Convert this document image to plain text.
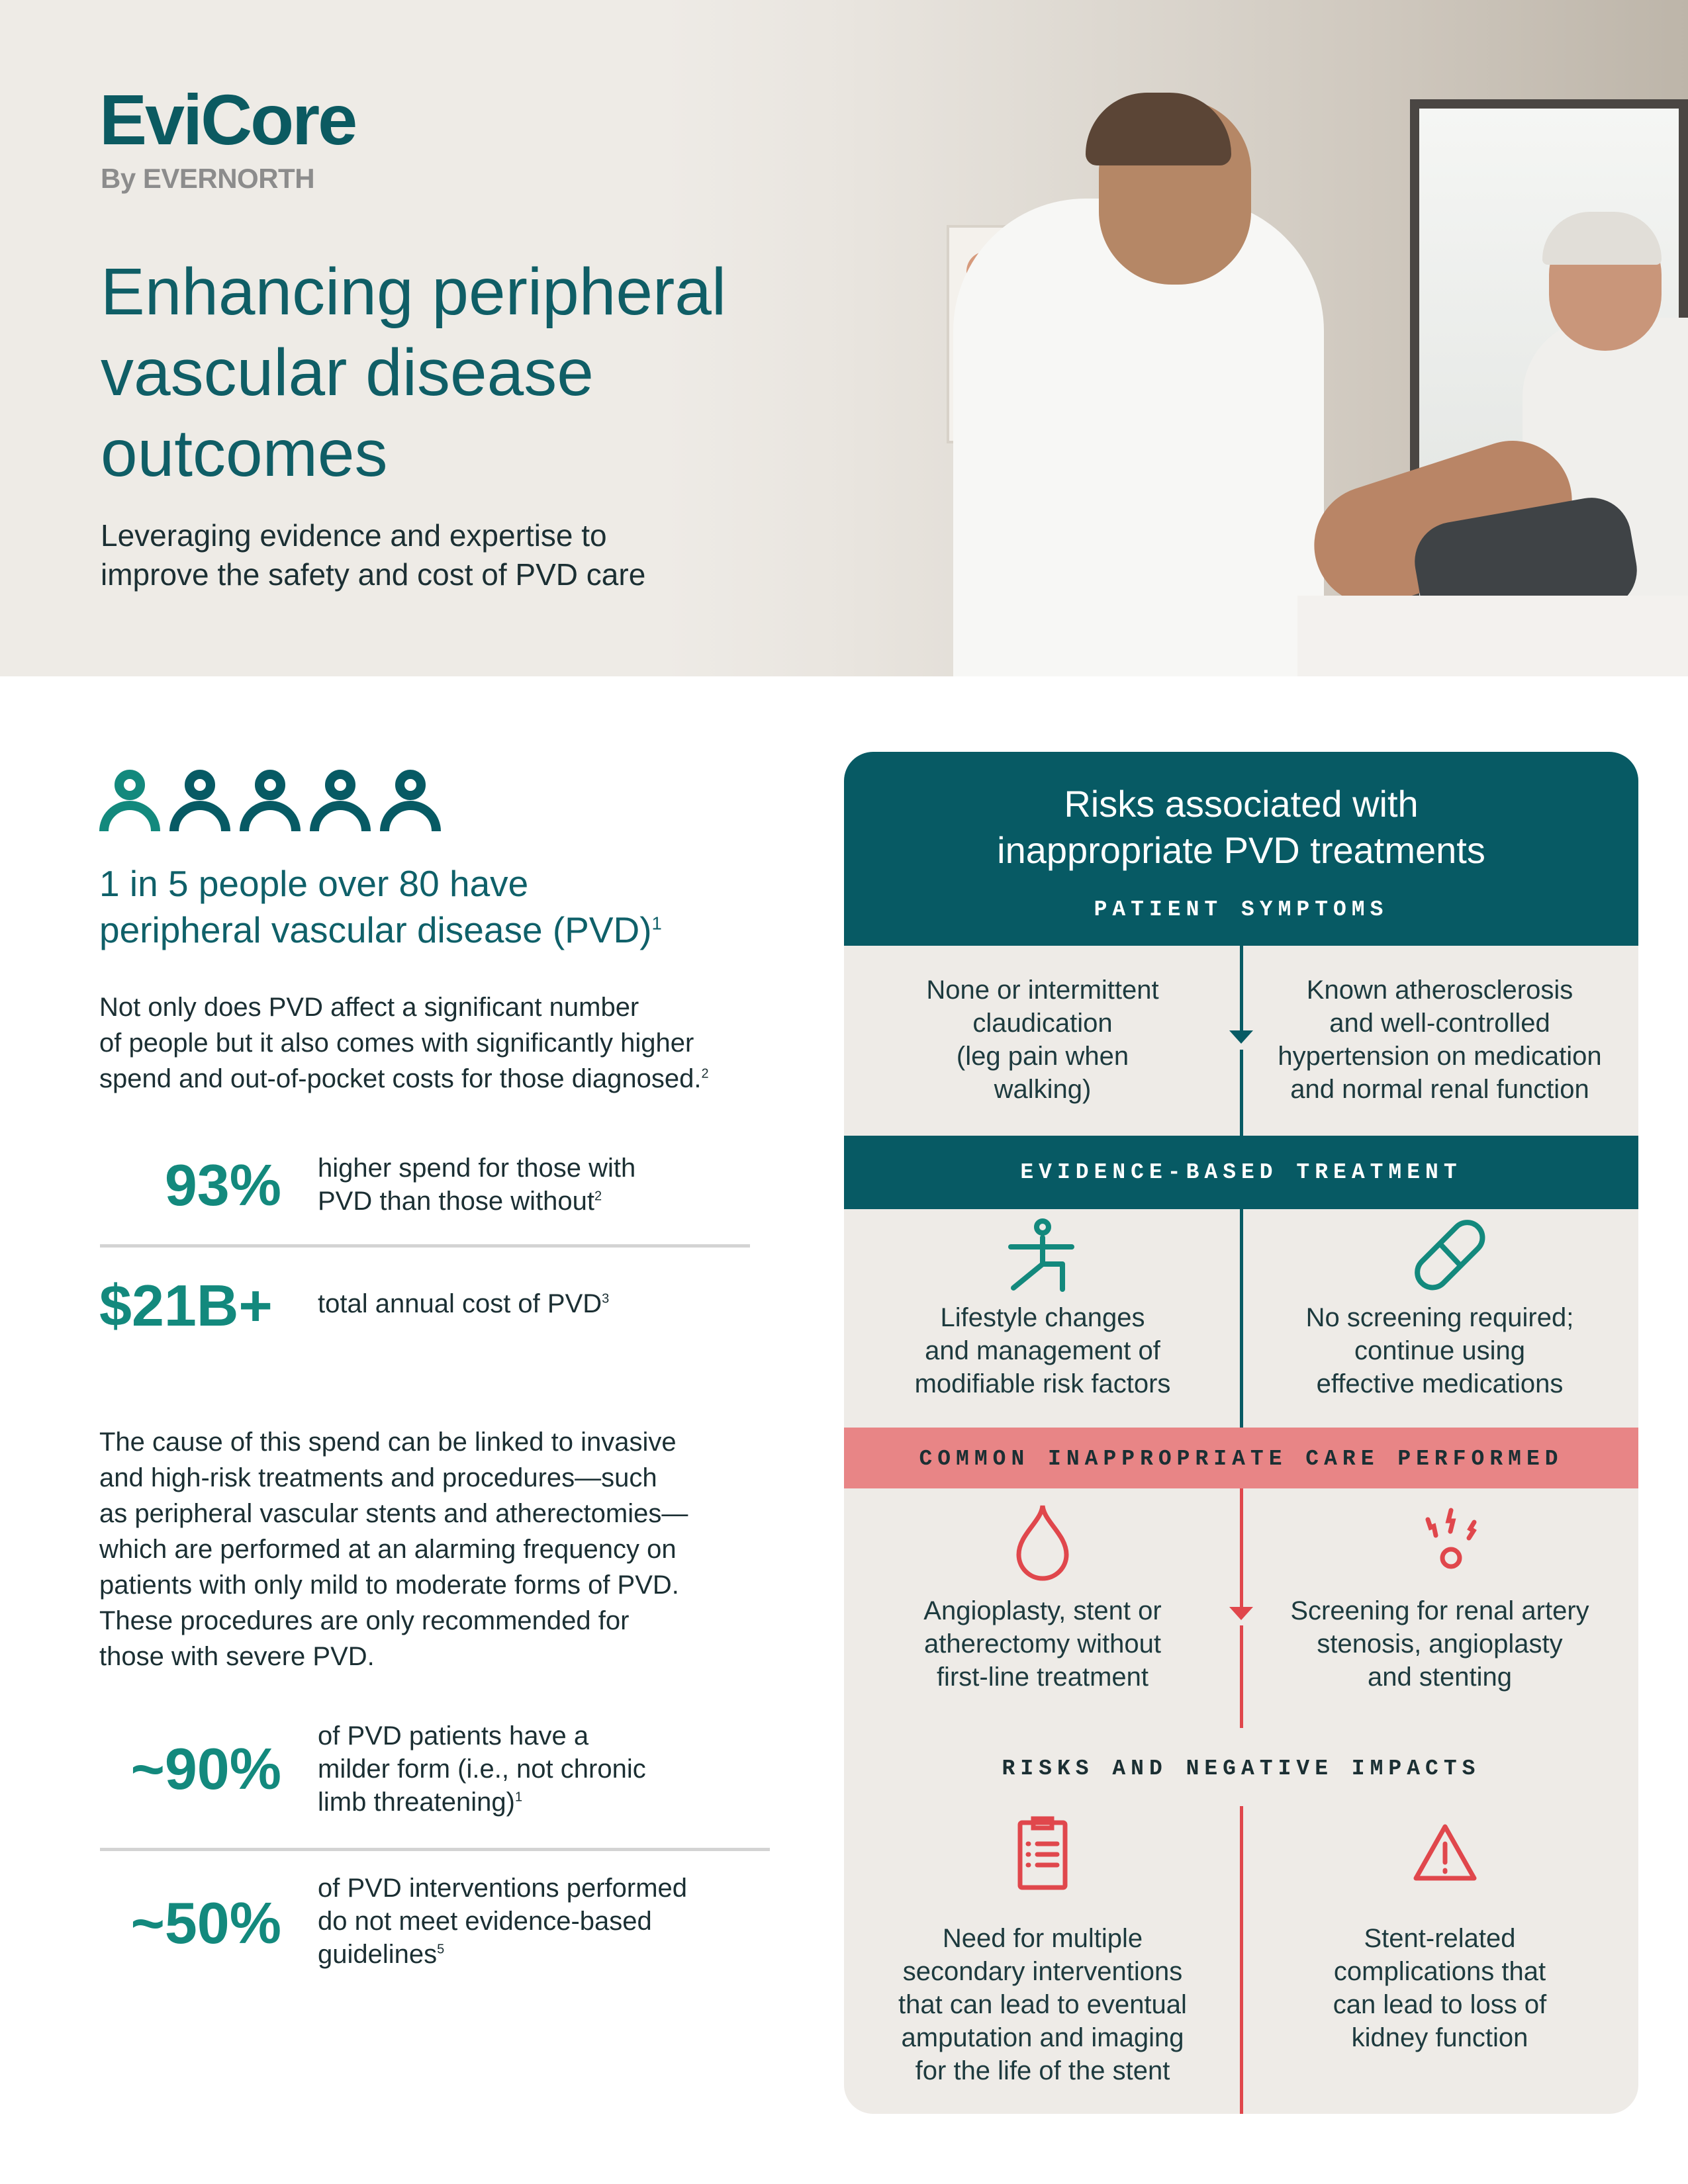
EviCore
By EVERNORTH
Enhancing peripheral
vascular disease
outcomes
Leveraging evidence and expertise to
improve the safety and cost of PVD care
1 in 5 people over 80 have
peripheral vascular disease (PVD)$^1$
Not only does PVD affect a significant number
of people but it also comes with significantly higher
spend and out-of-pocket costs for those diagnosed.$^2$
93% higher spend for those with
PVD than those without$^2$
$21B+	total annual cost of PVD$^3$
The cause of this spend can be linked to invasive
and high-risk treatments and procedures—such
as peripheral vascular stents and atherectomies—
which are performed at an alarming frequency on
patients with only mild to moderate forms of PVD.
These procedures are only recommended for
those with severe PVD.
~90% of PVD patients have a
milder form (i.e., not chronic
limb threatening)$^1$
~50%
of PVD interventions performed
do not meet evidence-based
guidelines$^5$
Risks associated with
inappropriate PVD treatments
PATIENT SYMPTOMS
None or intermittent
claudication
(leg pain when
walking)
Known atherosclerosis
and well-controlled
hypertension on medication
and normal renal function
EVIDENCE-BASED TREATMENT
Lifestyle changes
and management of
modifiable risk factors
No screening required;
continue using
effective medications
COMMON INAPPROPRIATE CARE PERFORMED
Angioplasty, stent or
atherectomy without
first-line treatment
Screening for renal artery
stenosis, angioplasty
and stenting
RISKS AND NEGATIVE IMPACTS
Need for multiple
secondary interventions
that can lead to eventual
amputation and imaging
for the life of the stent
Stent-related
complications that
can lead to loss of
kidney function
